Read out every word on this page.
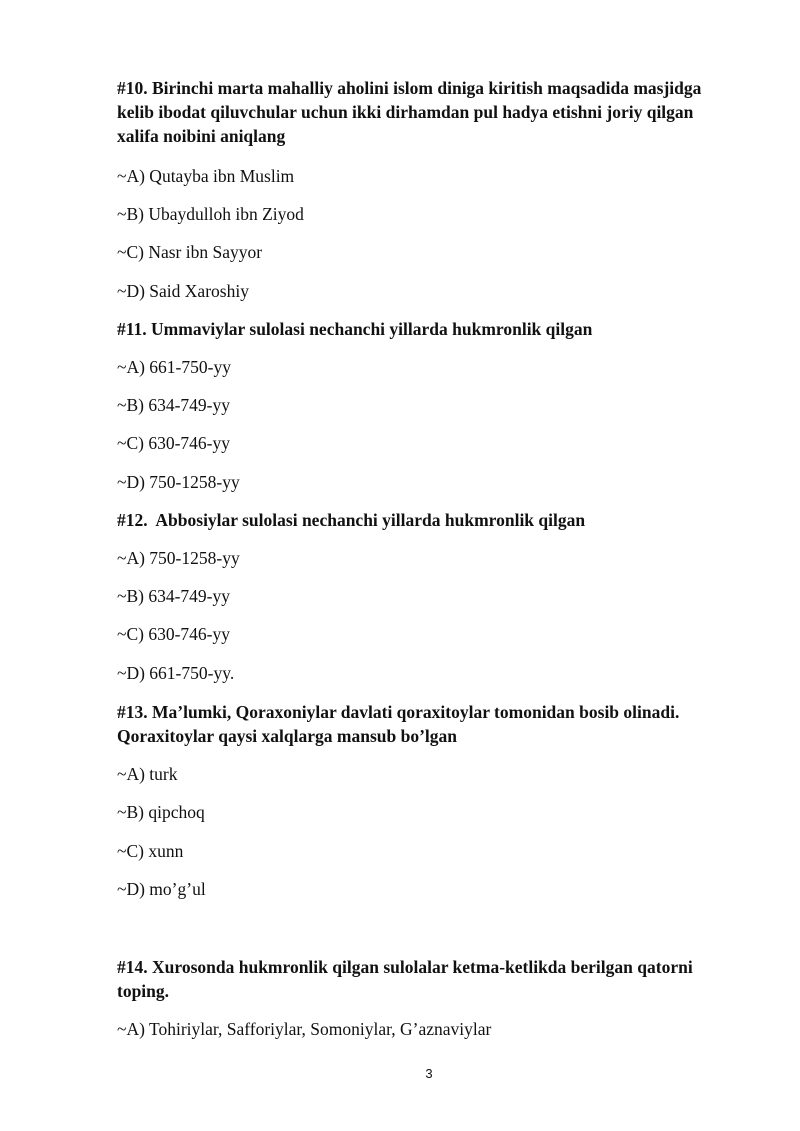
#10. Birinchi marta mahalliy aholini islom diniga kiritish maqsadida masjidga kelib ibodat qiluvchular uchun ikki dirhamdan pul hadya etishni joriy qilgan xalifa noibini aniqlang
~A) Qutayba ibn Muslim
~B) Ubaydulloh ibn Ziyod
~C) Nasr ibn Sayyor
~D) Said Xaroshiy
#11. Ummaviylar sulolasi nechanchi yillarda hukmronlik qilgan
~A) 661-750-yy
~B) 634-749-yy
~C) 630-746-yy
~D) 750-1258-yy
#12.  Abbosiylar sulolasi nechanchi yillarda hukmronlik qilgan
~A) 750-1258-yy
~B) 634-749-yy
~C) 630-746-yy
~D) 661-750-yy.
#13. Ma’lumki, Qoraxoniylar davlati qoraxitoylar tomonidan bosib olinadi. Qoraxitoylar qaysi xalqlarga mansub bo’lgan
~A) turk
~B) qipchoq
~C) xunn
~D) mo’g’ul
#14. Xurosonda hukmronlik qilgan sulolalar ketma-ketlikda berilgan qatorni toping.
~A) Tohiriylar, Safforiylar, Somoniylar, G’aznaviylar
3
